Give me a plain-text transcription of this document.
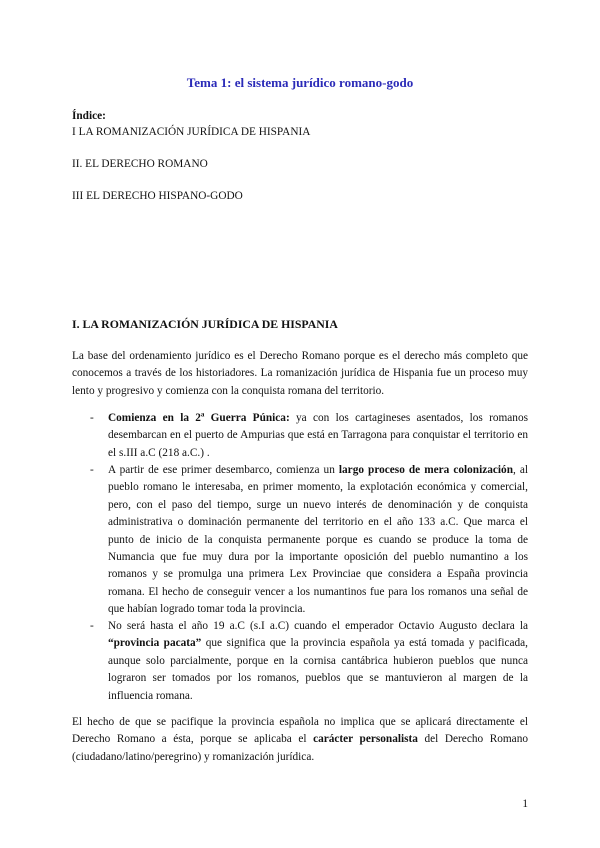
Tema 1: el sistema jurídico romano-godo
Índice:
I LA ROMANIZACIÓN JURÍDICA DE HISPANIA
II. EL DERECHO ROMANO
III EL DERECHO HISPANO-GODO
I. LA ROMANIZACIÓN JURÍDICA DE HISPANIA
La base del ordenamiento jurídico es el Derecho Romano porque es el derecho más completo que conocemos a través de los historiadores. La romanización jurídica de Hispania fue un proceso muy lento y progresivo y comienza con la conquista romana del territorio.
-	Comienza en la 2ª Guerra Púnica: ya con los cartagineses asentados, los romanos desembarcan en el puerto de Ampurias que está en Tarragona para conquistar el territorio en el s.III a.C (218 a.C.) .
-	A partir de ese primer desembarco, comienza un largo proceso de mera colonización, al pueblo romano le interesaba, en primer momento, la explotación económica y comercial, pero, con el paso del tiempo, surge un nuevo interés de denominación y de conquista administrativa o dominación permanente del territorio en el año 133 a.C. Que marca el punto de inicio de la conquista permanente porque es cuando se produce la toma de Numancia que fue muy dura por la importante oposición del pueblo numantino a los romanos y se promulga una primera Lex Provinciae que considera a España provincia romana. El hecho de conseguir vencer a los numantinos fue para los romanos una señal de que habían logrado tomar toda la provincia.
-	No será hasta el año 19 a.C (s.I a.C) cuando el emperador Octavio Augusto declara la “provincia pacata” que significa que la provincia española ya está tomada y pacificada, aunque solo parcialmente, porque en la cornisa cantábrica hubieron pueblos que nunca lograron ser tomados por los romanos, pueblos que se mantuvieron al margen de la influencia romana.
El hecho de que se pacifique la provincia española no implica que se aplicará directamente el Derecho Romano a ésta, porque se aplicaba el carácter personalista del Derecho Romano (ciudadano/latino/peregrino) y romanización jurídica.
1
